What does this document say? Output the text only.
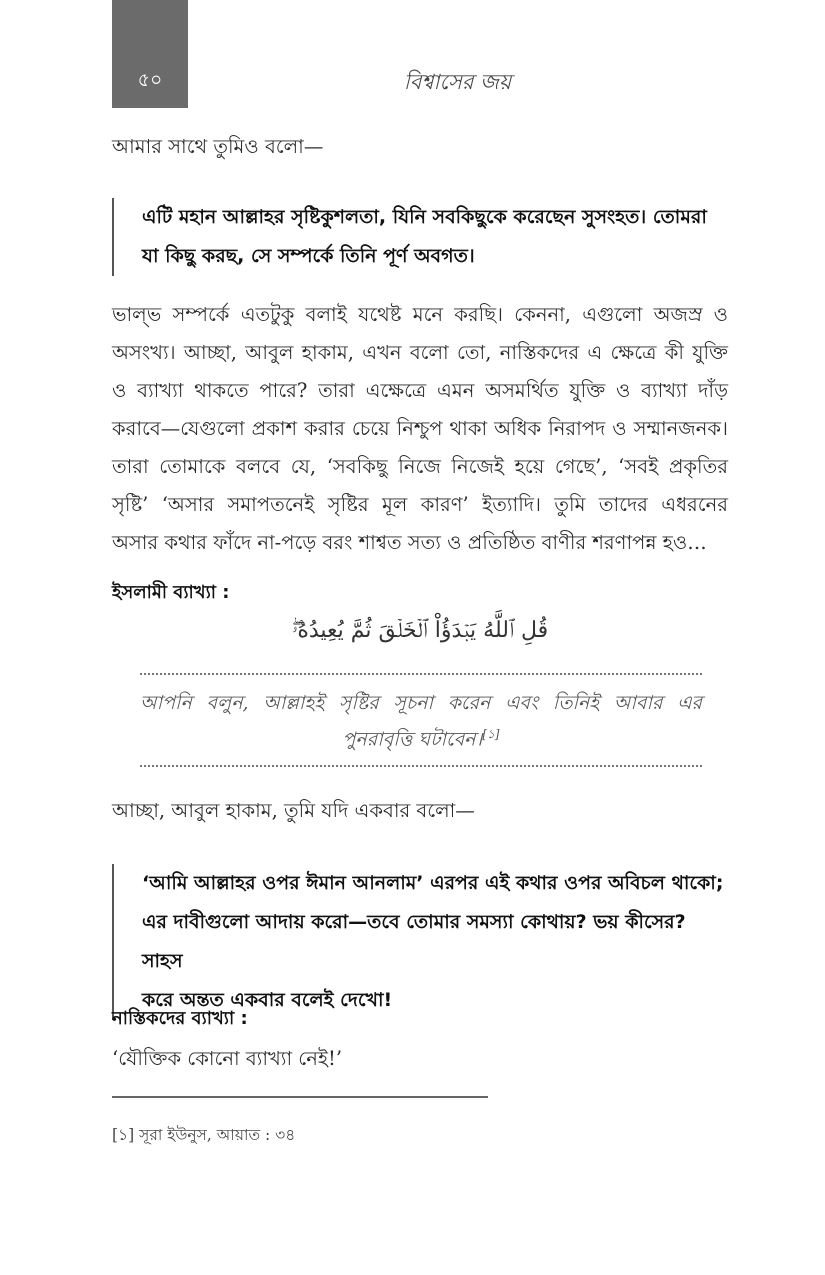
৫০	বিশ্বাসের জয়

আমার সাথে তুমিও বলো—

এটি মহান আল্লাহর সৃষ্টিকুশলতা, যিনি সবকিছুকে করেছেন সুসংহত। তোমরা
যা কিছু করছ, সে সম্পর্কে তিনি পূর্ণ অবগত।
ভাল্ভ সম্পর্কে এতটুকু বলাই যথেষ্ট মনে করছি। কেননা, এগুলো অজস্র ও
অসংখ্য। আচ্ছা, আবুল হাকাম, এখন বলো তো, নাস্তিকদের এ ক্ষেত্রে কী যুক্তি
ও ব্যাখ্যা থাকতে পারে? তারা এক্ষেত্রে এমন অসমর্থিত যুক্তি ও ব্যাখ্যা দাঁড়
করাবে—যেগুলো প্রকাশ করার চেয়ে নিশ্চুপ থাকা অধিক নিরাপদ ও সম্মানজনক।
তারা তোমাকে বলবে যে, ‘সবকিছু নিজে নিজেই হয়ে গেছে’, ‘সবই প্রকৃতির
সৃষ্টি’ ‘অসার সমাপতনেই সৃষ্টির মূল কারণ’ ইত্যাদি। তুমি তাদের এধরনের
অসার কথার ফাঁদে না-পড়ে বরং শাশ্বত সত্য ও প্রতিষ্ঠিত বাণীর শরণাপন্ন হও…

ইসলামী ব্যাখ্যা :

قُلِ ٱللَّهُ يَبۡدَؤُاْ ٱلۡخَلۡقَ ثُمَّ يُعِيدُهُۥۖ
আপনি বলুন, আল্লাহই সৃষ্টির সূচনা করেন এবং তিনিই আবার এর
পুনরাবৃত্তি ঘটাবেন।[১]

আচ্ছা, আবুল হাকাম, তুমি যদি একবার বলো—

‘আমি আল্লাহর ওপর ঈমান আনলাম’ এরপর এই কথার ওপর অবিচল থাকো;
এর দাবীগুলো আদায় করো—তবে তোমার সমস্যা কোথায়? ভয় কীসের? সাহস
করে অন্তত একবার বলেই দেখো!

নাস্তিকদের ব্যাখ্যা :

‘যৌক্তিক কোনো ব্যাখ্যা নেই!’

[১] সূরা ইউনুস, আয়াত : ৩৪
